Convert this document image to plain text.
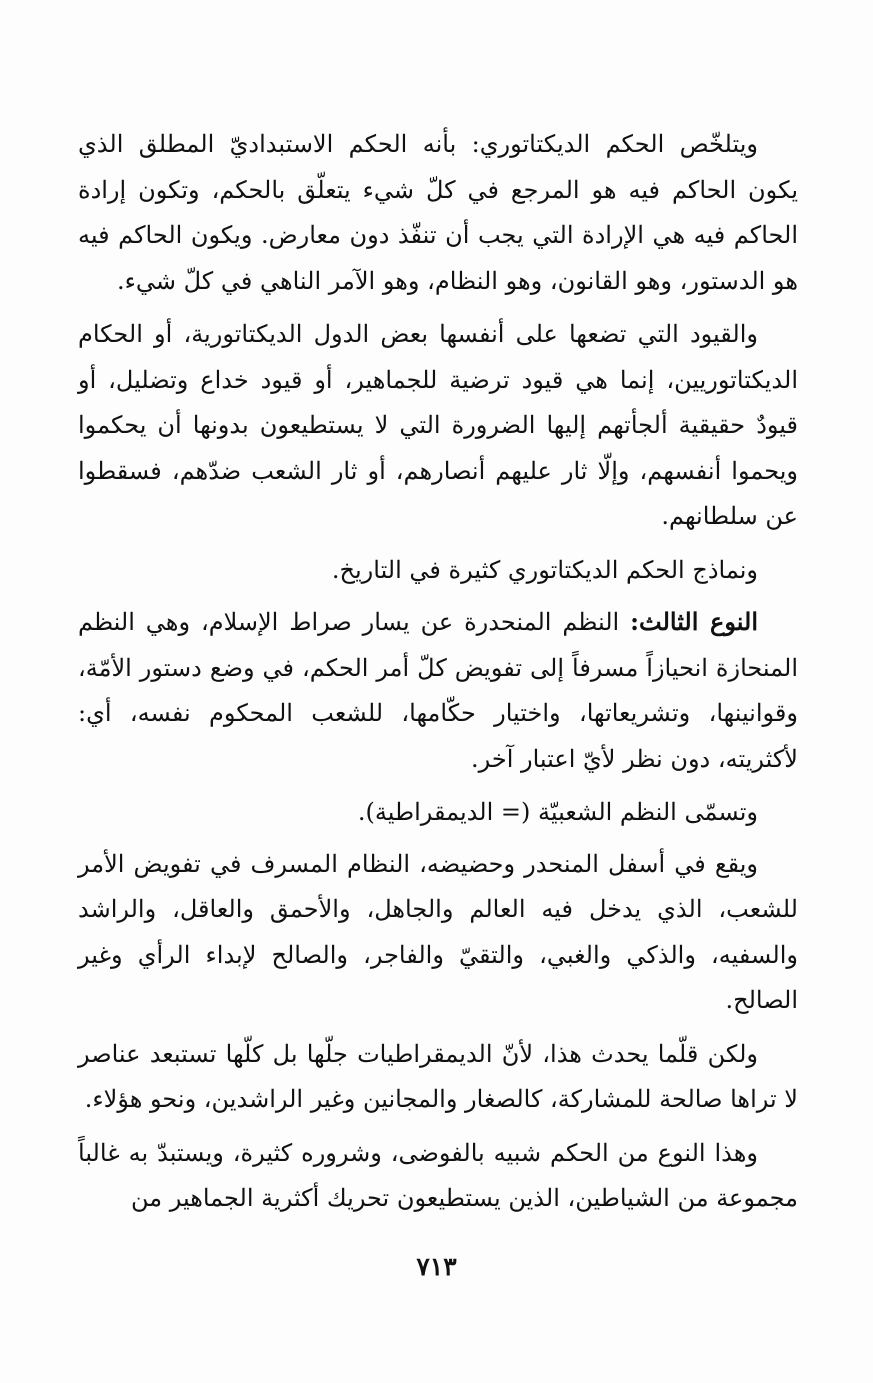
ويتلخّص الحكم الديكتاتوري: بأنه الحكم الاستبداديّ المطلق الذي يكون الحاكم فيه هو المرجع في كلّ شيء يتعلّق بالحكم، وتكون إرادة الحاكم فيه هي الإرادة التي يجب أن تنفّذ دون معارض. ويكون الحاكم فيه هو الدستور، وهو القانون، وهو النظام، وهو الآمر الناهي في كلّ شيء.

والقيود التي تضعها على أنفسها بعض الدول الديكتاتورية، أو الحكام الديكتاتوريين، إنما هي قيود ترضية للجماهير، أو قيود خداع وتضليل، أو قيودٌ حقيقية ألجأتهم إليها الضرورة التي لا يستطيعون بدونها أن يحكموا ويحموا أنفسهم، وإلّا ثار عليهم أنصارهم، أو ثار الشعب ضدّهم، فسقطوا عن سلطانهم.

ونماذج الحكم الديكتاتوري كثيرة في التاريخ.

النوع الثالث: النظم المنحدرة عن يسار صراط الإسلام، وهي النظم المنحازة انحيازاً مسرفاً إلى تفويض كلّ أمر الحكم، في وضع دستور الأمّة، وقوانينها، وتشريعاتها، واختيار حكّامها، للشعب المحكوم نفسه، أي: لأكثريته، دون نظر لأيّ اعتبار آخر.

وتسمّى النظم الشعبيّة (= الديمقراطية).

ويقع في أسفل المنحدر وحضيضه، النظام المسرف في تفويض الأمر للشعب، الذي يدخل فيه العالم والجاهل، والأحمق والعاقل، والراشد والسفيه، والذكي والغبي، والتقيّ والفاجر، والصالح لإبداء الرأي وغير الصالح.

ولكن قلّما يحدث هذا، لأنّ الديمقراطيات جلّها بل كلّها تستبعد عناصر لا تراها صالحة للمشاركة، كالصغار والمجانين وغير الراشدين، ونحو هؤلاء.

وهذا النوع من الحكم شبيه بالفوضى، وشروره كثيرة، ويستبدّ به غالباً مجموعة من الشياطين، الذين يستطيعون تحريك أكثرية الجماهير من

٧١٣
